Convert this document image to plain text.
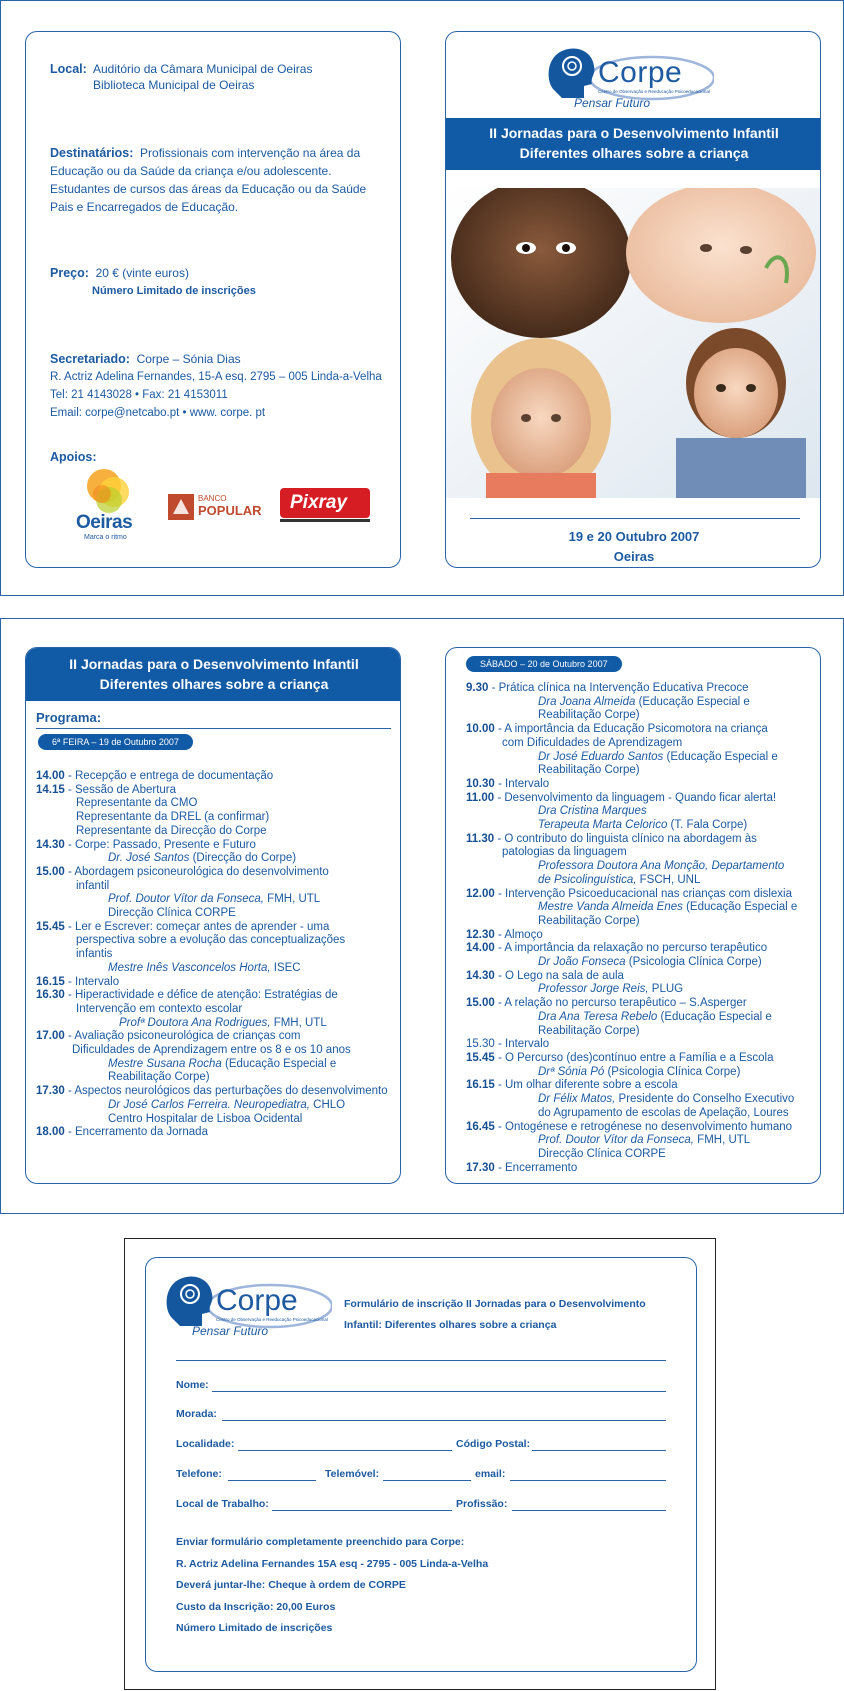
Local: Auditório da Câmara Municipal de Oeiras
Biblioteca Municipal de Oeiras
Destinatários: Profissionais com intervenção na área da
Educação ou da Saúde da criança e/ou adolescente.
Estudantes de cursos das áreas da Educação ou da Saúde
Pais e Encarregados de Educação.
Preço: 20 € (vinte euros)
Número Limitado de inscrições
Secretariado: Corpe – Sónia Dias
R. Actriz Adelina Fernandes, 15-A esq. 2795 – 005 Linda-a-Velha
Tel: 21 4143028 • Fax: 21 4153011
Email: corpe@netcabo.pt • www. corpe. pt
Apoios:
Oeiras
Marca o ritmo
BANCO
POPULAR Pixray
Corpe
Centro de Observação e Reeducação Psicoeducacional
Pensar Futuro
II Jornadas para o Desenvolvimento Infantil
Diferentes olhares sobre a criança
19 e 20 Outubro 2007
Oeiras
II Jornadas para o Desenvolvimento Infantil
Diferentes olhares sobre a criança
Programa:
6ª FEIRA – 19 de Outubro 2007
14.00 - Recepção e entrega de documentação
14.15 - Sessão de Abertura
Representante da CMO
Representante da DREL (a confirmar)
Representante da Direcção do Corpe
14.30 - Corpe: Passado, Presente e Futuro
Dr. José Santos (Direcção do Corpe)
15.00 - Abordagem psiconeurológica do desenvolvimento
infantil
Prof. Doutor Vítor da Fonseca, FMH, UTL
Direcção Clínica CORPE
15.45 - Ler e Escrever: começar antes de aprender - uma
perspectiva sobre a evolução das conceptualizações
infantis
Mestre Inês Vasconcelos Horta, ISEC
16.15 - Intervalo
16.30 - Hiperactividade e défice de atenção: Estratégias de
Intervenção em contexto escolar
Profª Doutora Ana Rodrigues, FMH, UTL
17.00 - Avaliação psiconeurológica de crianças com
Dificuldades de Aprendizagem entre os 8 e os 10 anos
Mestre Susana Rocha (Educação Especial e
Reabilitação Corpe)
17.30 - Aspectos neurológicos das perturbações do desenvolvimento
Dr José Carlos Ferreira. Neuropediatra, CHLO
Centro Hospitalar de Lisboa Ocidental
18.00 - Encerramento da Jornada
SÁBADO – 20 de Outubro 2007
9.30 - Prática clínica na Intervenção Educativa Precoce
Dra Joana Almeida (Educação Especial e
Reabilitação Corpe)
10.00 - A importância da Educação Psicomotora na criança
com Dificuldades de Aprendizagem
Dr José Eduardo Santos (Educação Especial e
Reabilitação Corpe)
10.30 - Intervalo
11.00 - Desenvolvimento da linguagem - Quando ficar alerta!
Dra Cristina Marques
Terapeuta Marta Celorico (T. Fala Corpe)
11.30 - O contributo do linguista clínico na abordagem às
patologias da linguagem
Professora Doutora Ana Monção, Departamento
de Psicolinguística, FSCH, UNL
12.00 - Intervenção Psicoeducacional nas crianças com dislexia
Mestre Vanda Almeida Enes (Educação Especial e
Reabilitação Corpe)
12.30 - Almoço
14.00 - A importância da relaxação no percurso terapêutico
Dr João Fonseca (Psicologia Clínica Corpe)
14.30 - O Lego na sala de aula
Professor Jorge Reis, PLUG
15.00 - A relação no percurso terapêutico – S.Asperger
Dra Ana Teresa Rebelo (Educação Especial e
Reabilitação Corpe)
15.30 - Intervalo
15.45 - O Percurso (des)contínuo entre a Família e a Escola
Drª Sónia Pó (Psicologia Clínica Corpe)
16.15 - Um olhar diferente sobre a escola
Dr Félix Matos, Presidente do Conselho Executivo
do Agrupamento de escolas de Apelação, Loures
16.45 - Ontogénese e retrogénese no desenvolvimento humano
Prof. Doutor Vítor da Fonseca, FMH, UTL
Direcção Clínica CORPE
17.30 - Encerramento
Corpe
Centro de Observação e Reeducação Psicoeducacional
Pensar Futuro
Formulário de inscrição II Jornadas para o Desenvolvimento
Infantil: Diferentes olhares sobre a criança
Nome:
Morada:
Localidade:	Código Postal:
Telefone:	Telemóvel:	email:
Local de Trabalho:	Profissão:
Enviar formulário completamente preenchido para Corpe:
R. Actriz Adelina Fernandes 15A esq - 2795 - 005 Linda-a-Velha
Deverá juntar-lhe: Cheque à ordem de CORPE
Custo da Inscrição: 20,00 Euros
Número Limitado de inscrições
